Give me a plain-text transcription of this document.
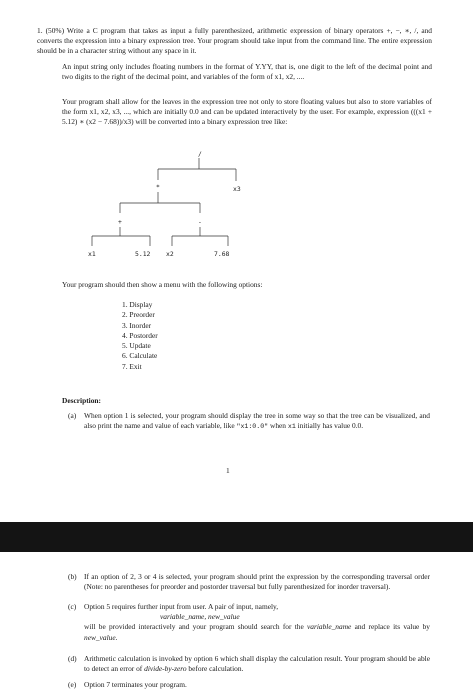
1. (50%) Write a C program that takes as input a fully parenthesized, arithmetic expression of binary operators +, −, ∗, /, and converts the expression into a binary expression tree. Your program should take input from the command line. The entire expression should be in a character string without any space in it.

An input string only includes floating numbers in the format of Y.YY, that is, one digit to the left of the decimal point and two digits to the right of the decimal point, and variables of the form of x1, x2, ....

Your program shall allow for the leaves in the expression tree not only to store floating values but also to store variables of the form x1, x2, x3, ..., which are initially 0.0 and can be updated interactively by the user. For example, expression (((x1 + 5.12) ∗ (x2 − 7.68))/x3) will be converted into a binary expression tree like:

/
*	x3
+	-
x1	5.12 x2	7.68

Your program should then show a menu with the following options:

1. Display
2. Preorder
3. Inorder
4. Postorder
5. Update
6. Calculate
7. Exit
Description:
(a) When option 1 is selected, your program should display the tree in some way so that the tree can be visualized, and also print the name and value of each variable, like "x1:0.0" when x1 initially has value 0.0.
1
(b) If an option of 2, 3 or 4 is selected, your program should print the expression by the corresponding traversal order (Note: no parentheses for preorder and postorder traversal but fully parenthesized for inorder traversal).
(c) Option 5 requires further input from user. A pair of input, namely,
variable_name, new_value
will be provided interactively and your program should search for the variable_name and replace its value by new_value.
(d) Arithmetic calculation is invoked by option 6 which shall display the calculation result. Your program should be able to detect an error of divide-by-zero before calculation.
(e) Option 7 terminates your program.
